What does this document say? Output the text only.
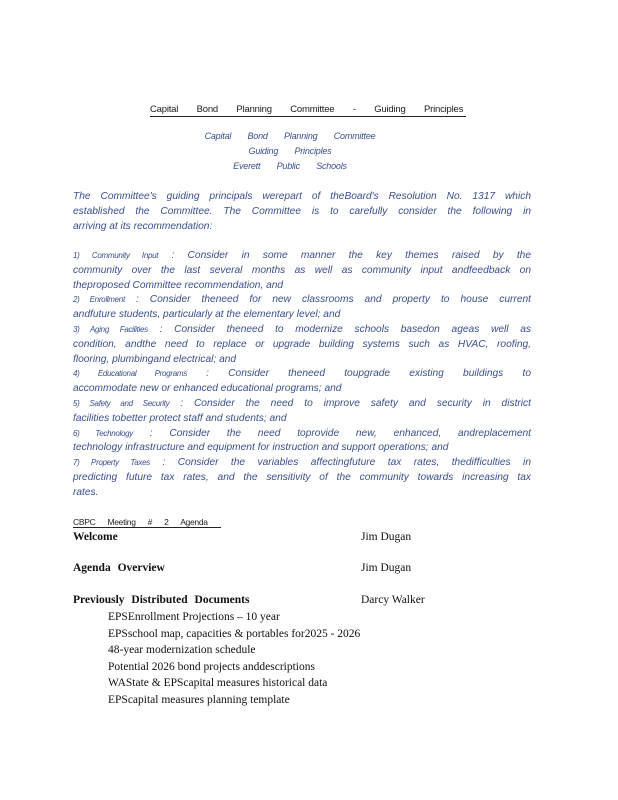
Capital Bond Planning Committee - Guiding Principles
Capital Bond Planning Committee
Guiding Principles
Everett Public Schools

The Committee's guiding principals werepart of theBoard's Resolution No. 1317 which

established the Committee. The Committee is to carefully consider the following in

arriving at its recommendation:

1) Community Input : Consider in some manner the key themes raised by the

community over the last several months as well as community input andfeedback on

theproposed Committee recommendation, and

2) Enrollment : Consider theneed for new classrooms and property to house current

andfuture students, particularly at the elementary level; and

3) Aging Facilities : Consider theneed to modernize schools basedon ageas well as

condition, andthe need to replace or upgrade building systems such as HVAC, roofing,

flooring, plumbingand electrical; and

4) Educational Programs : Consider theneed toupgrade existing buildings to

accommodate new or enhanced educational programs; and

5) Safety and Security : Consider the need to improve safety and security in district

facilities tobetter protect staff and students; and

6) Technology : Consider the need toprovide new, enhanced, andreplacement

technology infrastructure and equipment for instruction and support operations; and

7) Property Taxes : Consider the variables affectingfuture tax rates, thedifficulties in

predicting future tax rates, and the sensitivity of the community towards increasing tax

rates.

CBPC Meeting # 2 Agenda
Welcome	Jim Dugan
Agenda Overview	Jim Dugan
Previously Distributed Documents	Darcy Walker
EPSEnrollment Projections – 10 year
EPSschool map, capacities & portables for2025 - 2026
48-year modernization schedule
Potential 2026 bond projects anddescriptions
WAState & EPScapital measures historical data
EPScapital measures planning template
